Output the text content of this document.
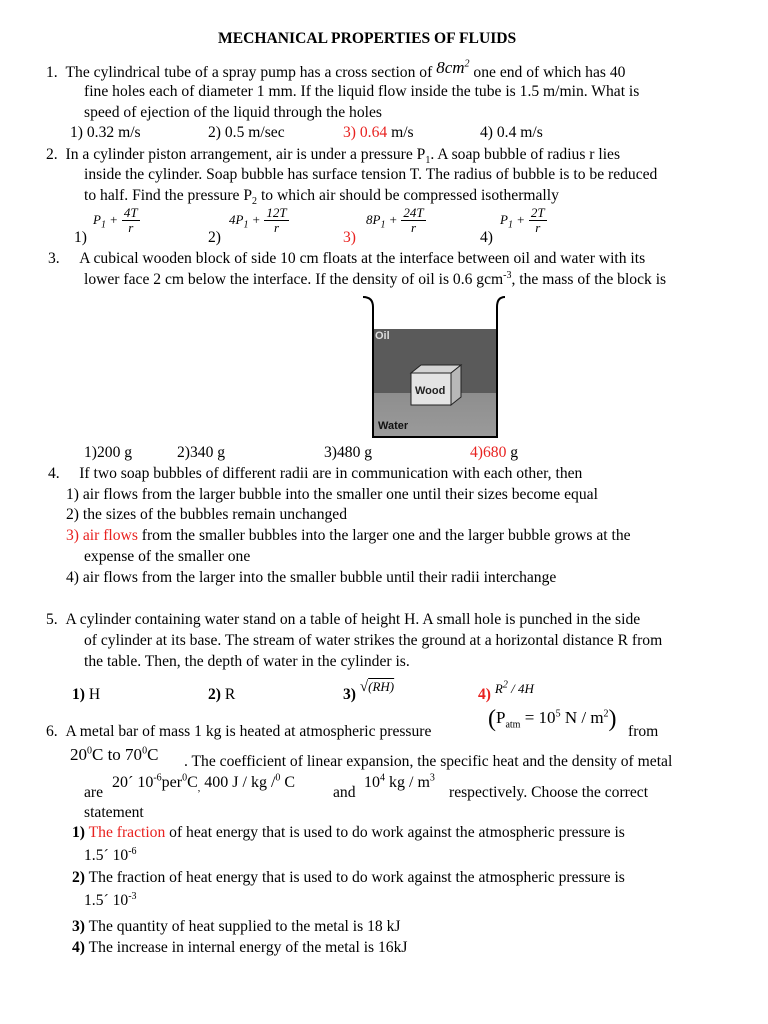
MECHANICAL PROPERTIES OF FLUIDS
1. The cylindrical tube of a spray pump has a cross section of $8cm^2$ one end of which has 40
fine holes each of diameter 1 mm. If the liquid flow inside the tube is 1.5 m/min. What is
speed of ejection of the liquid through the holes
1) 0.32 m/s	2) 0.5 m/sec	3) 0.64 m/s	4) 0.4 m/s
2. In a cylinder piston arrangement, air is under a pressure $P_1$. A soap bubble of radius r lies
inside the cylinder. Soap bubble has surface tension T. The radius of bubble is to be reduced
to half. Find the pressure $P_2$ to which air should be compressed isothermally
1)
$P_1 + \frac{4T}{r}$
2)
$4P_1 + \frac{12T}{r}$
3)
$8P_1 + \frac{24T}{r}$
4)
$P_1 + \frac{2T}{r}$
3. A cubical wooden block of side 10 cm floats at the interface between oil and water with its
lower face 2 cm below the interface. If the density of oil is 0.6 gcm$^{-3}$, the mass of the block is
Oil
Wood
Water
1)200 g	2)340 g	3)480 g	4)680 g
4. If two soap bubbles of different radii are in communication with each other, then
1) air flows from the larger bubble into the smaller one until their sizes become equal
2) the sizes of the bubbles remain unchanged
3) air flows from the smaller bubbles into the larger one and the larger bubble grows at the
expense of the smaller one
4) air flows from the larger into the smaller bubble until their radii interchange
5. A cylinder containing water stand on a table of height H. A small hole is punched in the side
of cylinder at its base. The stream of water strikes the ground at a horizontal distance R from
the table. Then, the depth of water in the cylinder is.
1) H	2) R	3) √(RH)	4) $^{R^2 / 4H}$
6. A metal bar of mass 1 kg is heated at atmospheric pressure ($P_{atm} = 10^5$ N / $m^2$) from
$20^0C$ to $70^0C$ . The coefficient of linear expansion, the specific heat and the density of metal
are
20´ $10^{-6}per^0C_,$ 400 J / kg /$^0$ C
and
$10^4$ kg / $m^3$
respectively. Choose the correct
statement
1) The fraction of heat energy that is used to do work against the atmospheric pressure is
1.5´ $10^{-6}$
2) The fraction of heat energy that is used to do work against the atmospheric pressure is
1.5´ $10^{-3}$
3) The quantity of heat supplied to the metal is 18 kJ
4) The increase in internal energy of the metal is 16kJ
